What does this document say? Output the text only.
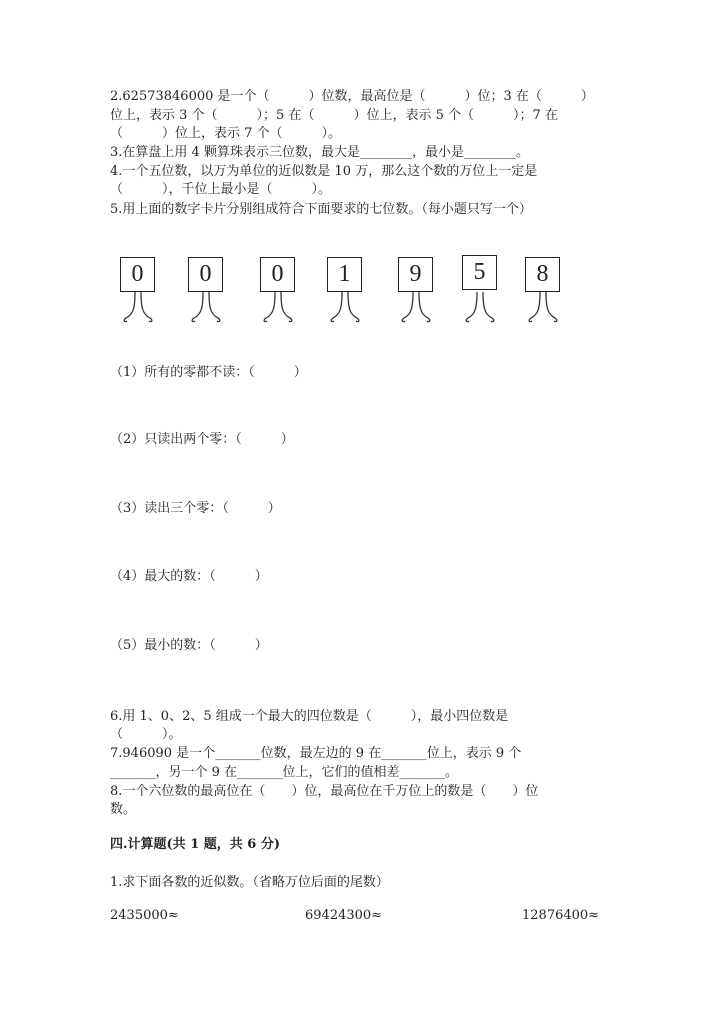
2.62573846000 是一个（　　　）位数，最高位是（　　　）位；3 在（　　　）
位上，表示 3 个（　　　）；5 在（　　　）位上，表示 5 个（　　　）；7 在
（　　　）位上，表示 7 个（　　　）。
3.在算盘上用 4 颗算珠表示三位数，最大是________，最小是________。
4.一个五位数，以万为单位的近似数是 10 万，那么这个数的万位上一定是
（　　　），千位上最小是（　　　）。
5.用上面的数字卡片分别组成符合下面要求的七位数。（每小题只写一个）
0	0	0	1	9	5	8
（1）所有的零都不读：（　　　）
（2）只读出两个零：（　　　）
（3）读出三个零：（　　　）
（4）最大的数：（　　　）
（5）最小的数：（　　　）
6.用 1、0、2、5 组成一个最大的四位数是（　　　），最小四位数是
（　　　）。
7.946090 是一个_______位数，最左边的 9 在_______位上，表示 9 个
_______，另一个 9 在_______位上，它们的值相差_______。
8.一个六位数的最高位在（　　）位，最高位在千万位上的数是（　　）位
数。
四.计算题(共 1 题，共 6 分)
1.求下面各数的近似数。（省略万位后面的尾数）
2435000≈	69424300≈	12876400≈
